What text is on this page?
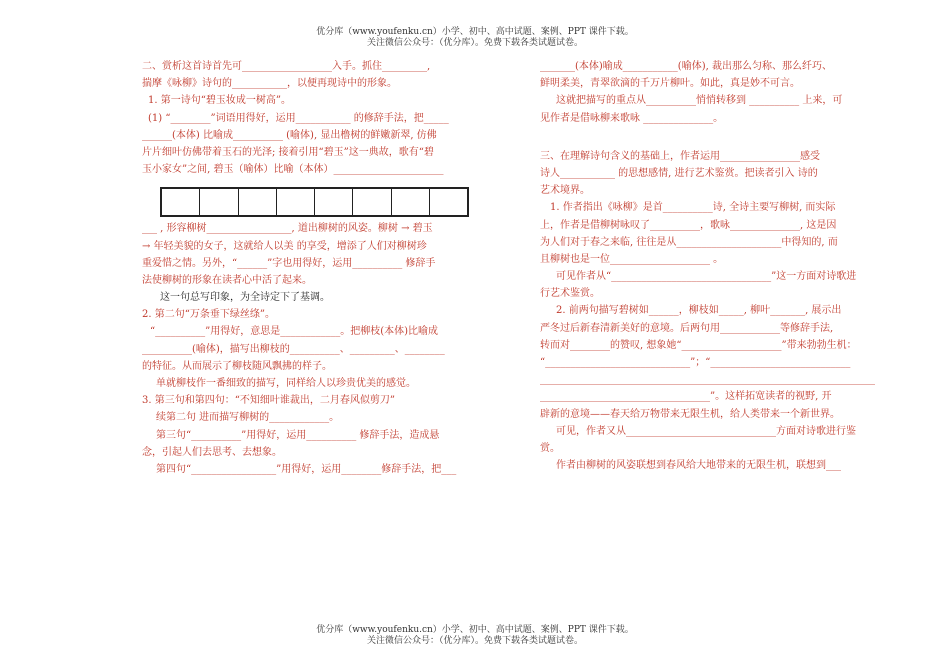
优分库（www.youfenku.cn）小学、初中、高中试题、案例、PPT 课件下载。
关注微信公众号：（优分库）。免费下载各类试题试卷。
二、赏析这首诗首先可__________________入手。抓住_________,
揣摩《咏柳》诗句的___________，以便再现诗中的形象。
1. 第一诗句“碧玉妆成一树高”。
(1) “________”词语用得好，运用___________ 的修辞手法，把_____
______(本体) 比喻成__________ (喻体), 显出橹树的鲜嫩新翠, 仿佛
片片细叶仿佛带着玉石的光泽; 接着引用“碧玉”这一典故，歌有“碧
玉小家女”之间, 碧玉（喻体）比喻（本体）______________________
___ , 形容柳树_________________, 道出柳树的风姿。柳树 → 碧玉
→ 年轻美貌的女子，这就给人以美 的享受，增添了人们对柳树珍
重爱惜之情。另外，“______”字也用得好，运用__________ 修辞手
法使柳树的形象在读者心中活了起来。
这一句总写印象，为全诗定下了基调。
2. 第二句“万条垂下绿丝绦”。
“__________”用得好，意思是____________。把柳枝(本体)比喻成
__________(喻体)，描写出柳枝的__________、_________、________
的特征。从而展示了柳枝随风飘拂的样子。
单就柳枝作一番细致的描写，同样给人以珍贵优美的感觉。
3. 第三句和第四句：“不知细叶谁裁出，二月春风似剪刀”
续第二句 进而描写柳树的____________。
第三句“__________”用得好，运用__________ 修辞手法，造成悬
念，引起人们去思考、去想象。
第四句“_________________”用得好，运用________修辞手法，把___
_______(本体)喻成___________(喻体), 裁出那么匀称、那么纤巧、
鲜明柔美，青翠欲滴的千万片柳叶。如此，真是妙不可言。
这就把描写的重点从__________悄悄转移到 __________ 上来，可
见作者是借咏柳来歌咏 ______________。
三、在理解诗句含义的基础上，作者运用________________感受
诗人___________ 的思想感情, 进行艺术鉴赏。把读者引入 诗的
艺术境界。
1. 作者指出《咏柳》是首__________诗, 全诗主要写柳树, 而实际
上，作者是借柳树咏叹了__________，歌咏______________, 这是因
为人们对于春之来临, 往往是从_____________________中得知的, 而
且柳树也是一位____________________ 。
可见作者从“________________________________”这一方面对诗歌进
行艺术鉴赏。
2. 前两句描写碧树如______，柳枝如_____, 柳叶_______, 展示出
严冬过后新春清新美好的意境。后两句用____________等修辞手法,
转而对________的赞叹, 想象她“____________________”带来勃勃生机：
“_____________________________”；“____________________________
___________________________________________________________________
__________________________________”。这样拓宽读者的视野, 开
辟新的意境——春天给万物带来无限生机，给人类带来一个新世界。
可见，作者又从______________________________方面对诗歌进行鉴
赏。
作者由柳树的风姿联想到春风给大地带来的无限生机，联想到___
优分库（www.youfenku.cn）小学、初中、高中试题、案例、PPT 课件下载。
关注微信公众号：（优分库）。免费下载各类试题试卷。
